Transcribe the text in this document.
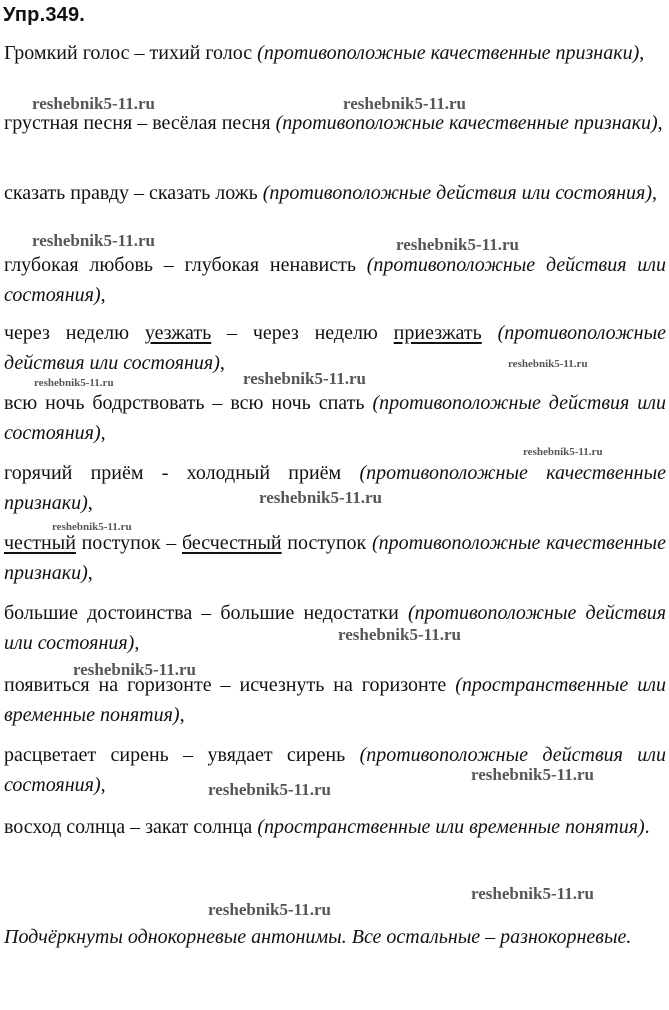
Упр.349.
Громкий голос – тихий голос (противоположные качественные признаки),
грустная песня – весёлая песня (противоположные качественные признаки),
сказать правду – сказать ложь (противоположные действия или состояния),
глубокая любовь – глубокая ненависть (противоположные действия или состояния),
через неделю уезжать – через неделю приезжать (противоположные действия или состояния),
всю ночь бодрствовать – всю ночь спать (противоположные действия или состояния),
горячий приём - холодный приём (противоположные качественные признаки),
честный поступок – бесчестный поступок (противоположные качественные признаки),
большие достоинства – большие недостатки (противоположные действия или состояния),
появиться на горизонте – исчезнуть на горизонте (пространственные или временные понятия),
расцветает сирень – увядает сирень (противоположные действия или состояния),
восход солнца – закат солнца (пространственные или временные понятия).
Подчёркнуты однокорневые антонимы. Все остальные – разнокорневые.
reshebnik5-11.ru	reshebnik5-11.ru
reshebnik5-11.ru	reshebnik5-11.ru
reshebnik5-11.ru
reshebnik5-11.ru	reshebnik5-11.ru
reshebnik5-11.ru
reshebnik5-11.ru
reshebnik5-11.ru
reshebnik5-11.ru
reshebnik5-11.ru
reshebnik5-11.ru
reshebnik5-11.ru
reshebnik5-11.ru
reshebnik5-11.ru
